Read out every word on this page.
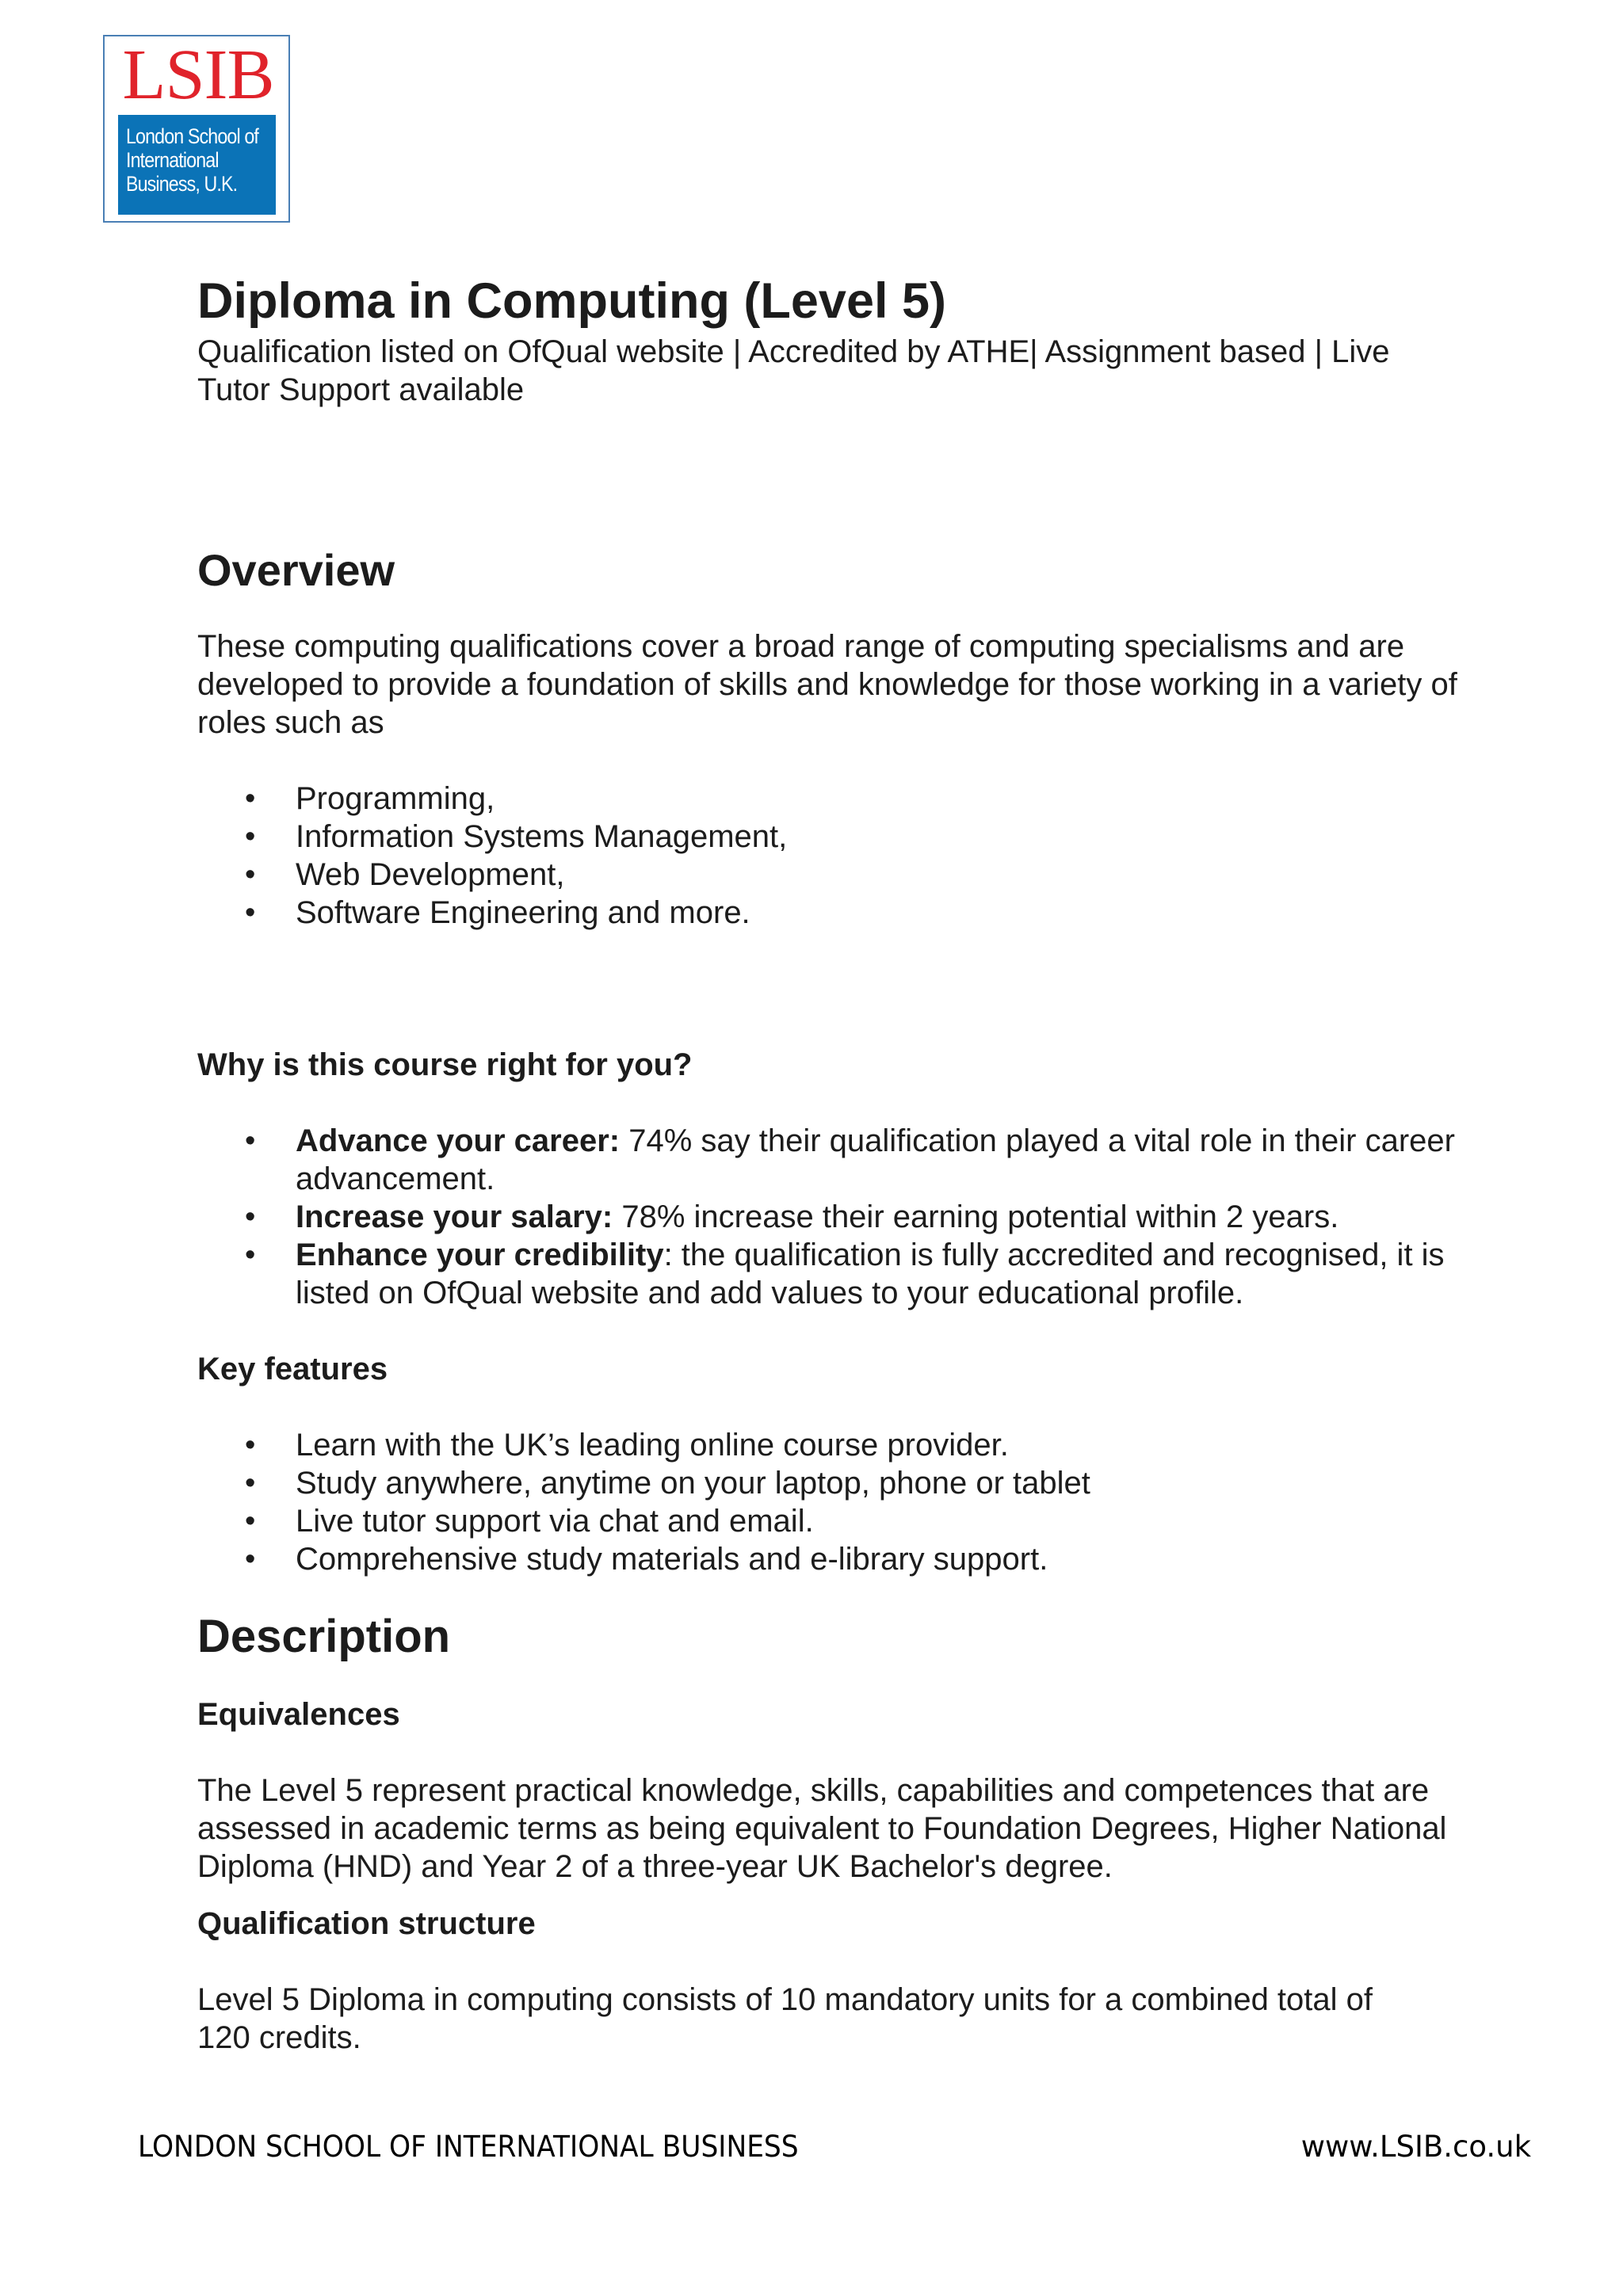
LSIB
London School of
International
Business, U.K.
Diploma in Computing (Level 5)

Qualification listed on OfQual website | Accredited by ATHE| Assignment based | Live Tutor Support available

Overview

These computing qualifications cover a broad range of computing specialisms and are developed to provide a foundation of skills and knowledge for those working in a variety of roles such as

• Programming,
• Information Systems Management,
• Web Development,
• Software Engineering and more.
Why is this course right for you?
• Advance your career: 74% say their qualification played a vital role in their career advancement.
• Increase your salary: 78% increase their earning potential within 2 years.
• Enhance your credibility: the qualification is fully accredited and recognised, it is listed on OfQual website and add values to your educational profile.
Key features
• Learn with the UK’s leading online course provider.
• Study anywhere, anytime on your laptop, phone or tablet
• Live tutor support via chat and email.
• Comprehensive study materials and e-library support.
Description
Equivalences

The Level 5 represent practical knowledge, skills, capabilities and competences that are assessed in academic terms as being equivalent to Foundation Degrees, Higher National Diploma (HND) and Year 2 of a three-year UK Bachelor's degree.

Qualification structure

Level 5 Diploma in computing consists of 10 mandatory units for a combined total of 120 credits.

LONDON SCHOOL OF INTERNATIONAL BUSINESS	www.LSIB.co.uk
